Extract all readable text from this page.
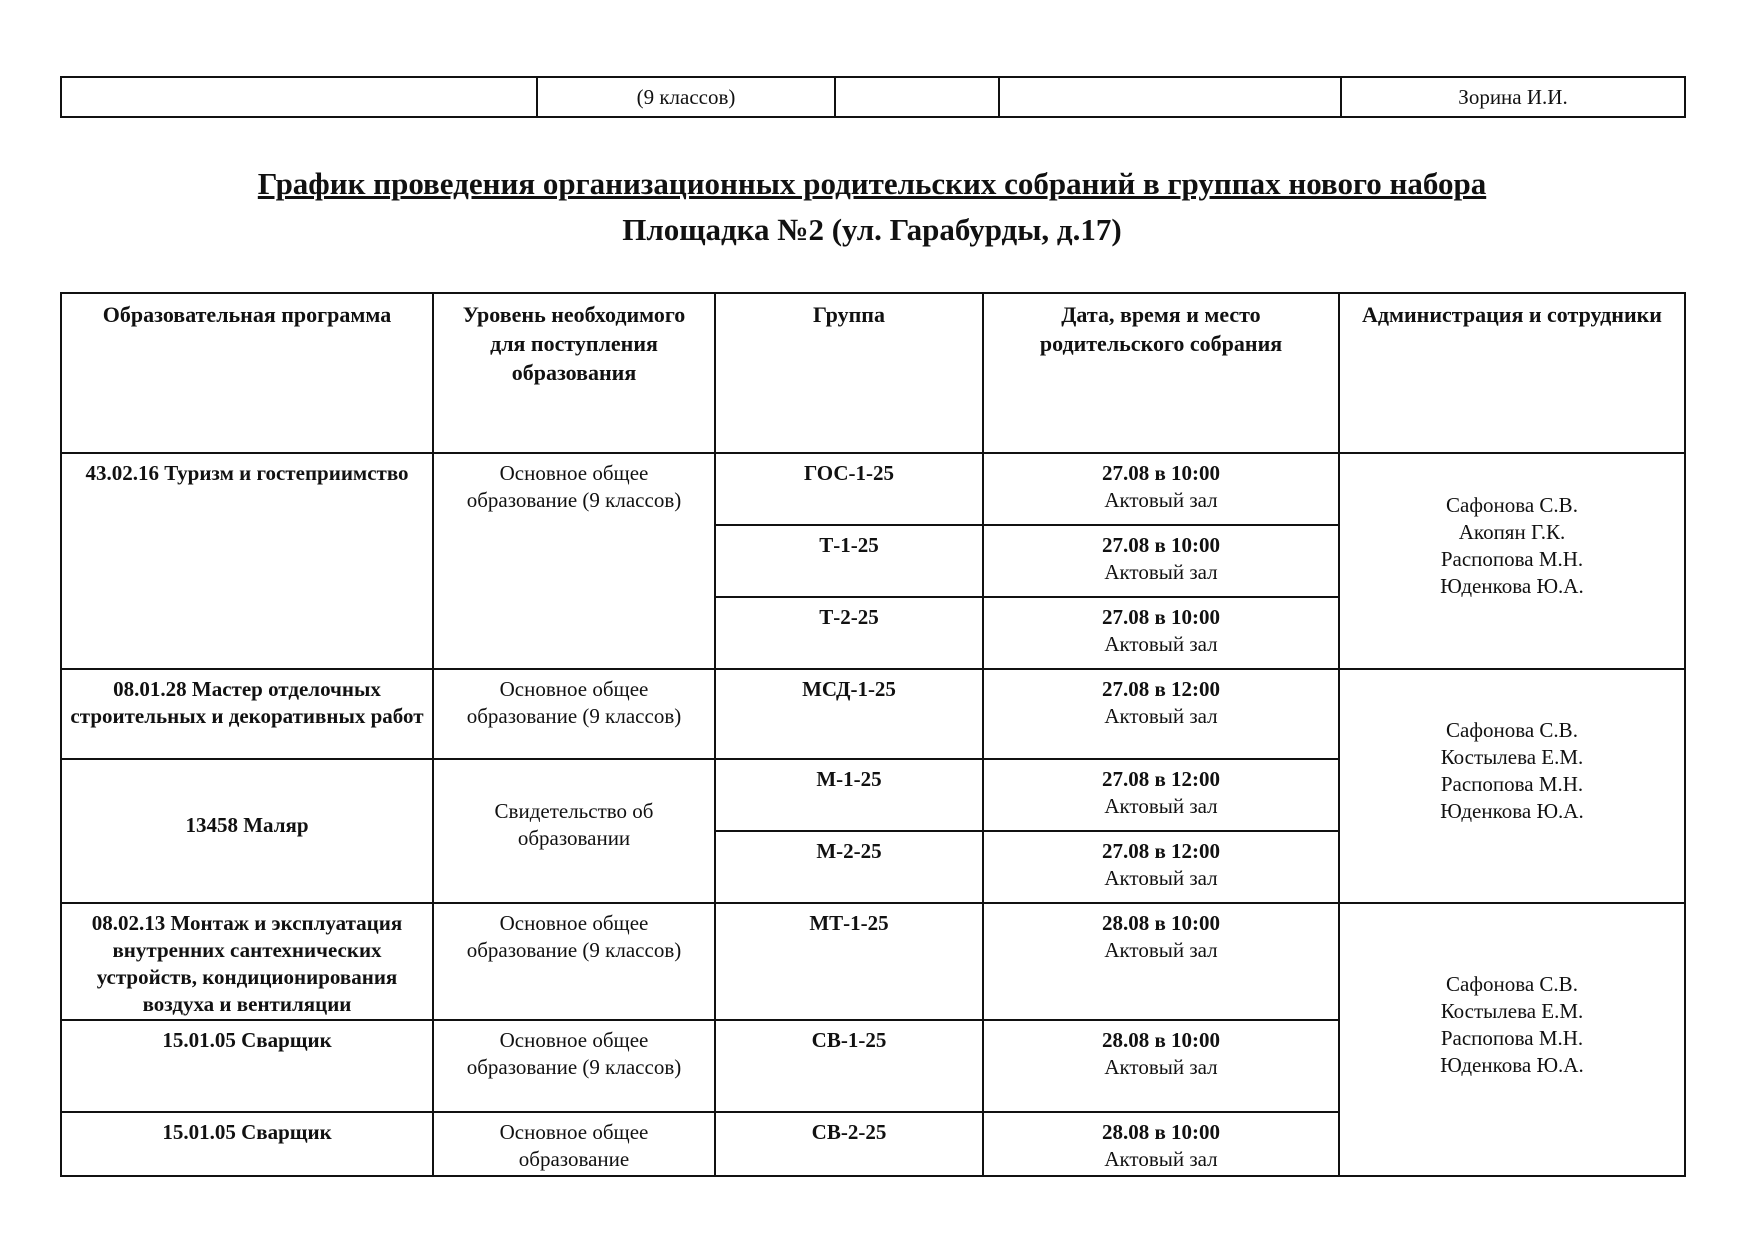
	(9 классов)			Зорина И.И.
График проведения организационных родительских собраний в группах нового набора
Площадка №2 (ул. Гарабурды, д.17)
Образовательная программа	Уровень необходимого для поступления образования	Группа	Дата, время и место родительского собрания	Администрация и сотрудники
43.02.16 Туризм и гостеприимство	Основное общее образование (9 классов)	ГОС-1-25	27.08 в 10:00
Актовый зал	Сафонова С.В.
Акопян Г.К.
Распопова М.Н.
Юденкова Ю.А.

		Т-1-25	27.08 в 10:00
Актовый зал	

		Т-2-25	27.08 в 10:00
Актовый зал	

08.01.28 Мастер отделочных строительных и декоративных работ	Основное общее образование (9 классов)	МСД-1-25	27.08 в 12:00
Актовый зал	Сафонова С.В.
Костылева Е.М.
Распопова М.Н.
Юденкова Ю.А.

13458 Маляр	Свидетельство об образовании	М-1-25	27.08 в 12:00
Актовый зал	

		М-2-25	27.08 в 12:00
Актовый зал	

08.02.13 Монтаж и эксплуатация внутренних сантехнических устройств, кондиционирования воздуха и вентиляции	Основное общее образование (9 классов)	МТ-1-25	28.08 в 10:00
Актовый зал	Сафонова С.В.
Костылева Е.М.
Распопова М.Н.
Юденкова Ю.А.

15.01.05 Сварщик	Основное общее образование (9 классов)	СВ-1-25	28.08 в 10:00
Актовый зал	

15.01.05 Сварщик	Основное общее образование	СВ-2-25	28.08 в 10:00
Актовый зал	
